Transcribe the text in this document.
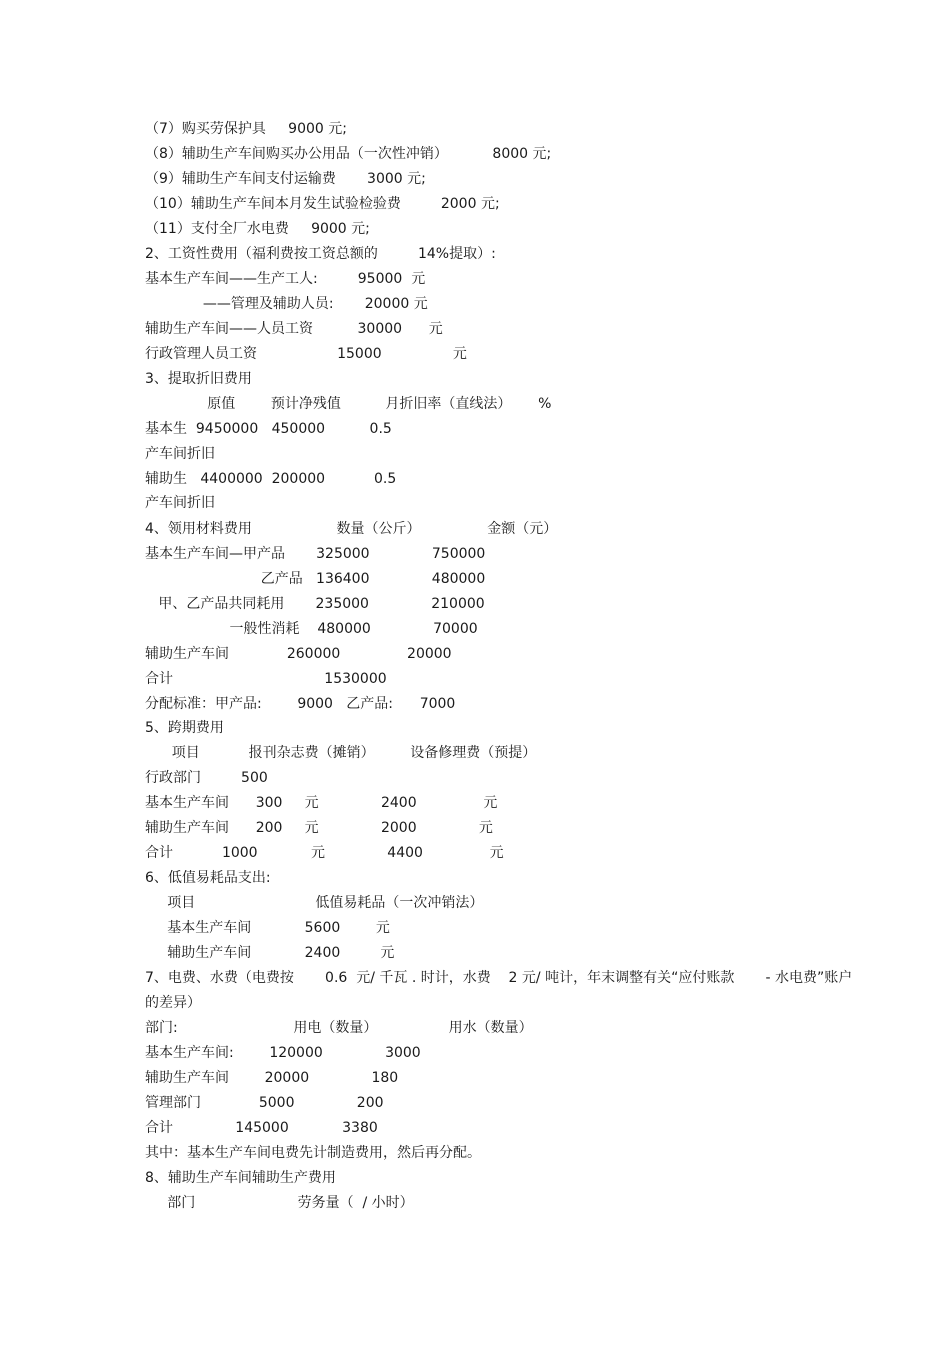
（7）购买劳保护具     9000 元;
（8）辅助生产车间购买办公用品（一次性冲销）          8000 元;
（9）辅助生产车间支付运输费       3000 元;
（10）辅助生产车间本月发生试验检验费         2000 元;
（11）支付全厂水电费     9000 元;
2、工资性费用（福利费按工资总额的         14%提取）:
基本生产车间——生产工人:         95000  元
——管理及辅助人员:       20000 元
辅助生产车间——人员工资          30000      元
行政管理人员工资                  15000                元
3、提取折旧费用
原值        预计净残值          月折旧率（直线法）      %
基本生  9450000   450000          0.5
产车间折旧
辅助生   4400000  200000           0.5
产车间折旧
4、领用材料费用                   数量（公斤）               金额（元）
基本生产车间—甲产品       325000              750000
乙产品   136400              480000
甲、乙产品共同耗用       235000              210000
一般性消耗    480000              70000
辅助生产车间             260000               20000
合计                                  1530000
分配标准：甲产品:        9000   乙产品:      7000
5、跨期费用
项目           报刊杂志费（摊销）        设备修理费（预提）
行政部门         500
基本生产车间      300     元              2400               元
辅助生产车间      200     元              2000              元
合计           1000            元              4400               元
6、低值易耗品支出:
项目                           低值易耗品（一次冲销法）
基本生产车间            5600        元
辅助生产车间            2400         元
7、电费、水费（电费按       0.6  元/ 千瓦 . 时计，水费    2 元/ 吨计，年末调整有关“应付账款       - 水电费”账户
的差异）
部门:                          用电（数量）                用水（数量）
基本生产车间:        120000              3000
辅助生产车间        20000              180
管理部门             5000              200
合计              145000            3380
其中：基本生产车间电费先计制造费用，然后再分配。
8、辅助生产车间辅助生产费用
部门                       劳务量（  / 小时）
